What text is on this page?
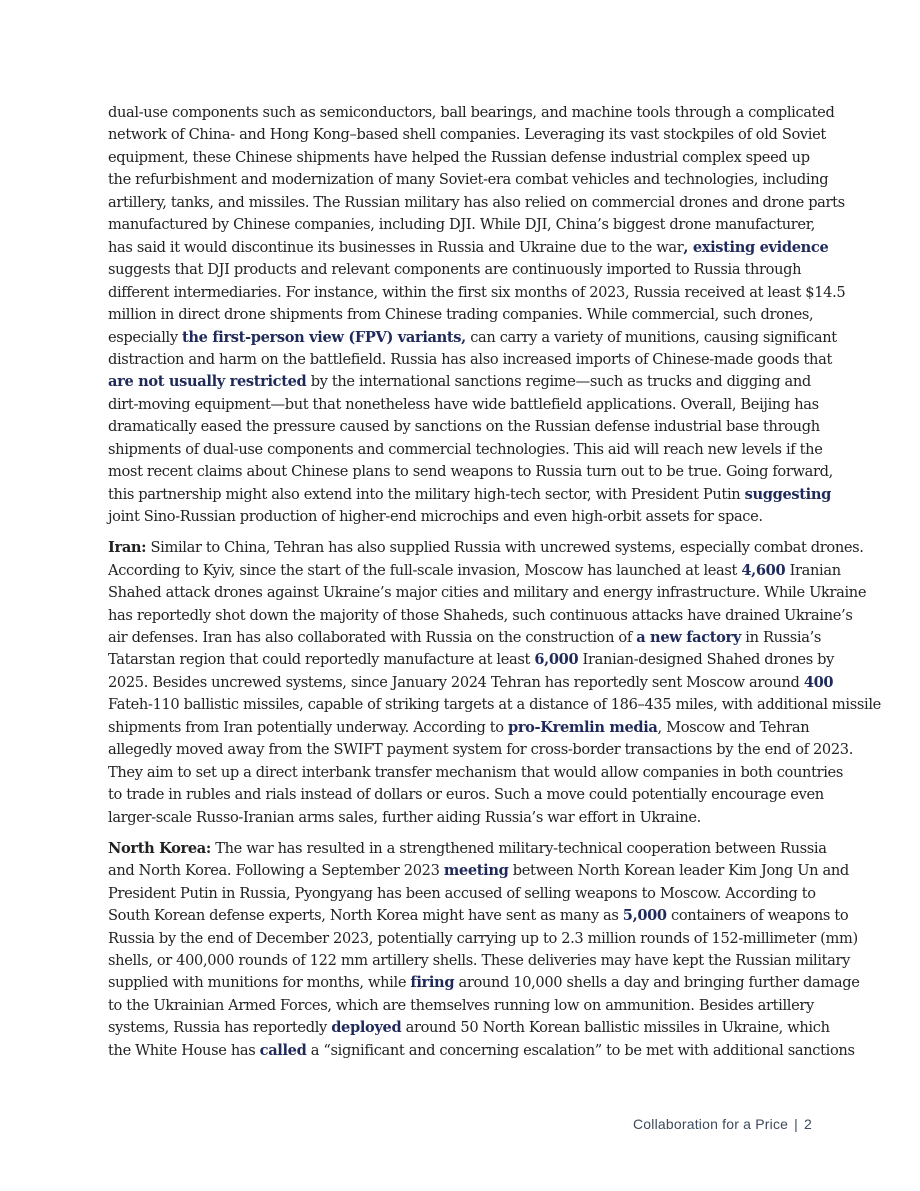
dual-use components such as semiconductors, ball bearings, and machine tools through a complicated
network of China- and Hong Kong–based shell companies. Leveraging its vast stockpiles of old Soviet
equipment, these Chinese shipments have helped the Russian defense industrial complex speed up
the refurbishment and modernization of many Soviet-era combat vehicles and technologies, including
artillery, tanks, and missiles. The Russian military has also relied on commercial drones and drone parts
manufactured by Chinese companies, including DJI. While DJI, China’s biggest drone manufacturer,
has said it would discontinue its businesses in Russia and Ukraine due to the war, existing evidence
suggests that DJI products and relevant components are continuously imported to Russia through
different intermediaries. For instance, within the first six months of 2023, Russia received at least $14.5
million in direct drone shipments from Chinese trading companies. While commercial, such drones,
especially the first-person view (FPV) variants, can carry a variety of munitions, causing significant
distraction and harm on the battlefield. Russia has also increased imports of Chinese-made goods that
are not usually restricted by the international sanctions regime—such as trucks and digging and
dirt-moving equipment—but that nonetheless have wide battlefield applications. Overall, Beijing has
dramatically eased the pressure caused by sanctions on the Russian defense industrial base through
shipments of dual-use components and commercial technologies. This aid will reach new levels if the
most recent claims about Chinese plans to send weapons to Russia turn out to be true. Going forward,
this partnership might also extend into the military high-tech sector, with President Putin suggesting
joint Sino-Russian production of higher-end microchips and even high-orbit assets for space.

Iran: Similar to China, Tehran has also supplied Russia with uncrewed systems, especially combat drones.
According to Kyiv, since the start of the full-scale invasion, Moscow has launched at least 4,600 Iranian
Shahed attack drones against Ukraine’s major cities and military and energy infrastructure. While Ukraine
has reportedly shot down the majority of those Shaheds, such continuous attacks have drained Ukraine’s
air defenses. Iran has also collaborated with Russia on the construction of a new factory in Russia’s
Tatarstan region that could reportedly manufacture at least 6,000 Iranian-designed Shahed drones by
2025. Besides uncrewed systems, since January 2024 Tehran has reportedly sent Moscow around 400
Fateh-110 ballistic missiles, capable of striking targets at a distance of 186–435 miles, with additional missile
shipments from Iran potentially underway. According to pro-Kremlin media, Moscow and Tehran
allegedly moved away from the SWIFT payment system for cross-border transactions by the end of 2023.
They aim to set up a direct interbank transfer mechanism that would allow companies in both countries
to trade in rubles and rials instead of dollars or euros. Such a move could potentially encourage even
larger-scale Russo-Iranian arms sales, further aiding Russia’s war effort in Ukraine.

North Korea: The war has resulted in a strengthened military-technical cooperation between Russia
and North Korea. Following a September 2023 meeting between North Korean leader Kim Jong Un and
President Putin in Russia, Pyongyang has been accused of selling weapons to Moscow. According to
South Korean defense experts, North Korea might have sent as many as 5,000 containers of weapons to
Russia by the end of December 2023, potentially carrying up to 2.3 million rounds of 152-millimeter (mm)
shells, or 400,000 rounds of 122 mm artillery shells. These deliveries may have kept the Russian military
supplied with munitions for months, while firing around 10,000 shells a day and bringing further damage
to the Ukrainian Armed Forces, which are themselves running low on ammunition. Besides artillery
systems, Russia has reportedly deployed around 50 North Korean ballistic missiles in Ukraine, which
the White House has called a “significant and concerning escalation” to be met with additional sanctions

Collaboration for a Price | 2
